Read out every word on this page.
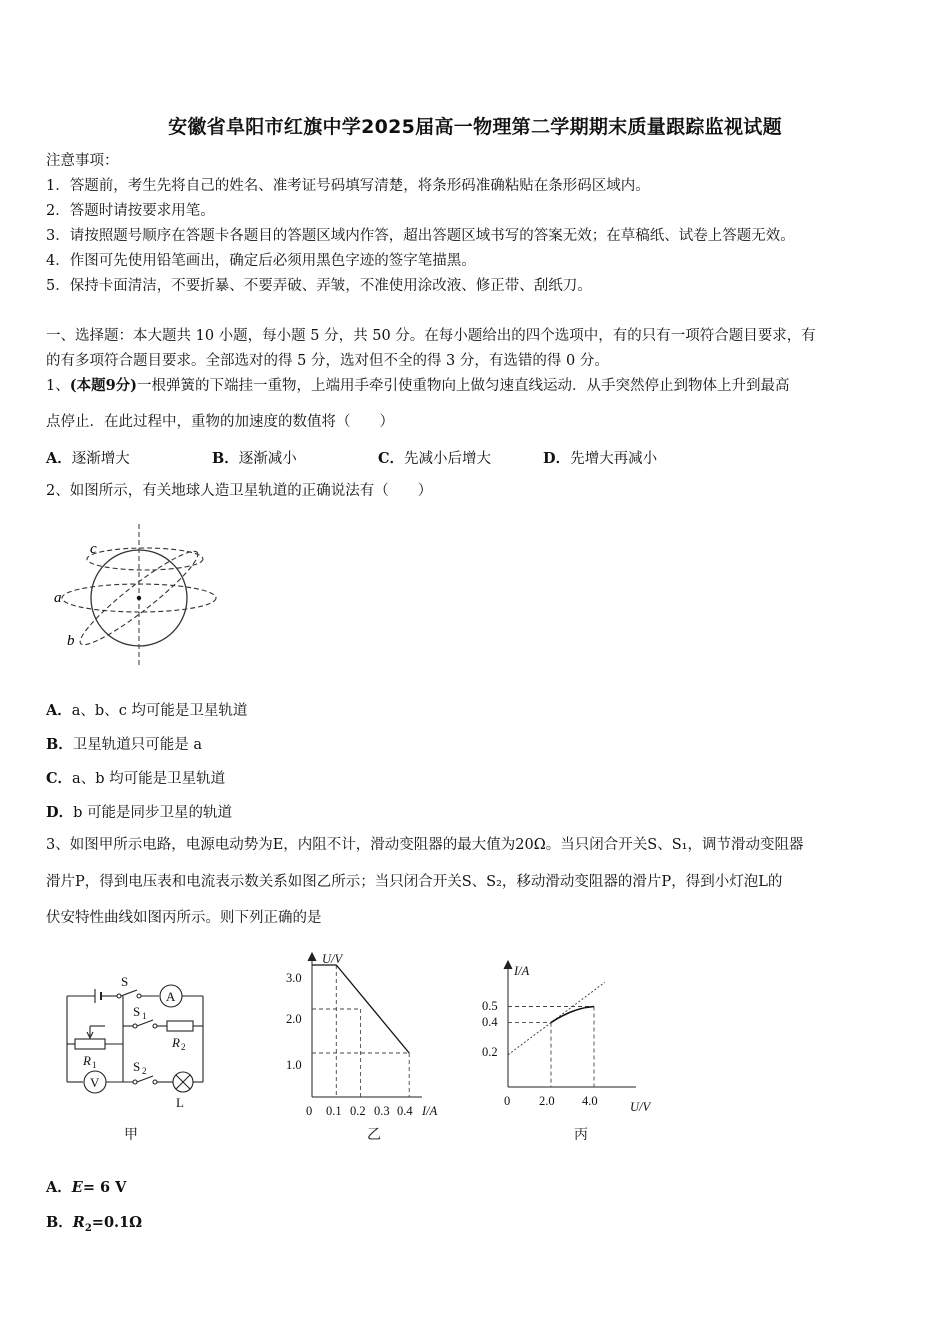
安徽省阜阳市红旗中学2025届高一物理第二学期期末质量跟踪监视试题
注意事项：
1．答题前，考生先将自己的姓名、准考证号码填写清楚，将条形码准确粘贴在条形码区域内。
2．答题时请按要求用笔。
3．请按照题号顺序在答题卡各题目的答题区域内作答，超出答题区域书写的答案无效；在草稿纸、试卷上答题无效。
4．作图可先使用铅笔画出，确定后必须用黑色字迹的签字笔描黑。
5．保持卡面清洁，不要折暴、不要弄破、弄皱，不准使用涂改液、修正带、刮纸刀。
一、选择题：本大题共 10 小题，每小题 5 分，共 50 分。在每小题给出的四个选项中，有的只有一项符合题目要求，有
的有多项符合题目要求。全部选对的得 5 分，选对但不全的得 3 分，有选错的得 0 分。
1、(本题9分)一根弹簧的下端挂一重物，上端用手牵引使重物向上做匀速直线运动．从手突然停止到物体上升到最高
点停止．在此过程中，重物的加速度的数值将（　　）
A．逐渐增大	B．逐渐减小	C．先减小后增大	D．先增大再减小
2、如图所示，有关地球人造卫星轨道的正确说法有（　　）
a
b
c
A．a、b、c 均可能是卫星轨道
B．卫星轨道只可能是 a
C．a、b 均可能是卫星轨道
D．b 可能是同步卫星的轨道
3、如图甲所示电路，电源电动势为E，内阻不计，滑动变阻器的最大值为20Ω。当只闭合开关S、S₁，调节滑动变阻器
滑片P，得到电压表和电流表示数关系如图乙所示；当只闭合开关S、S₂，移动滑动变阻器的滑片P，得到小灯泡L的
伏安特性曲线如图丙所示。则下列正确的是
S
A
V
L
S 1
S 2
R 1
R 2
甲
U/V
I/A
3.0
2.0
1.0
0 0.1 0.2 0.3 0.4
乙
I/A
U/V
0.5
0.4
0.2
0 2.0 4.0
丙
A．E= 6 V
B．$R_2=0.1\Omega$
